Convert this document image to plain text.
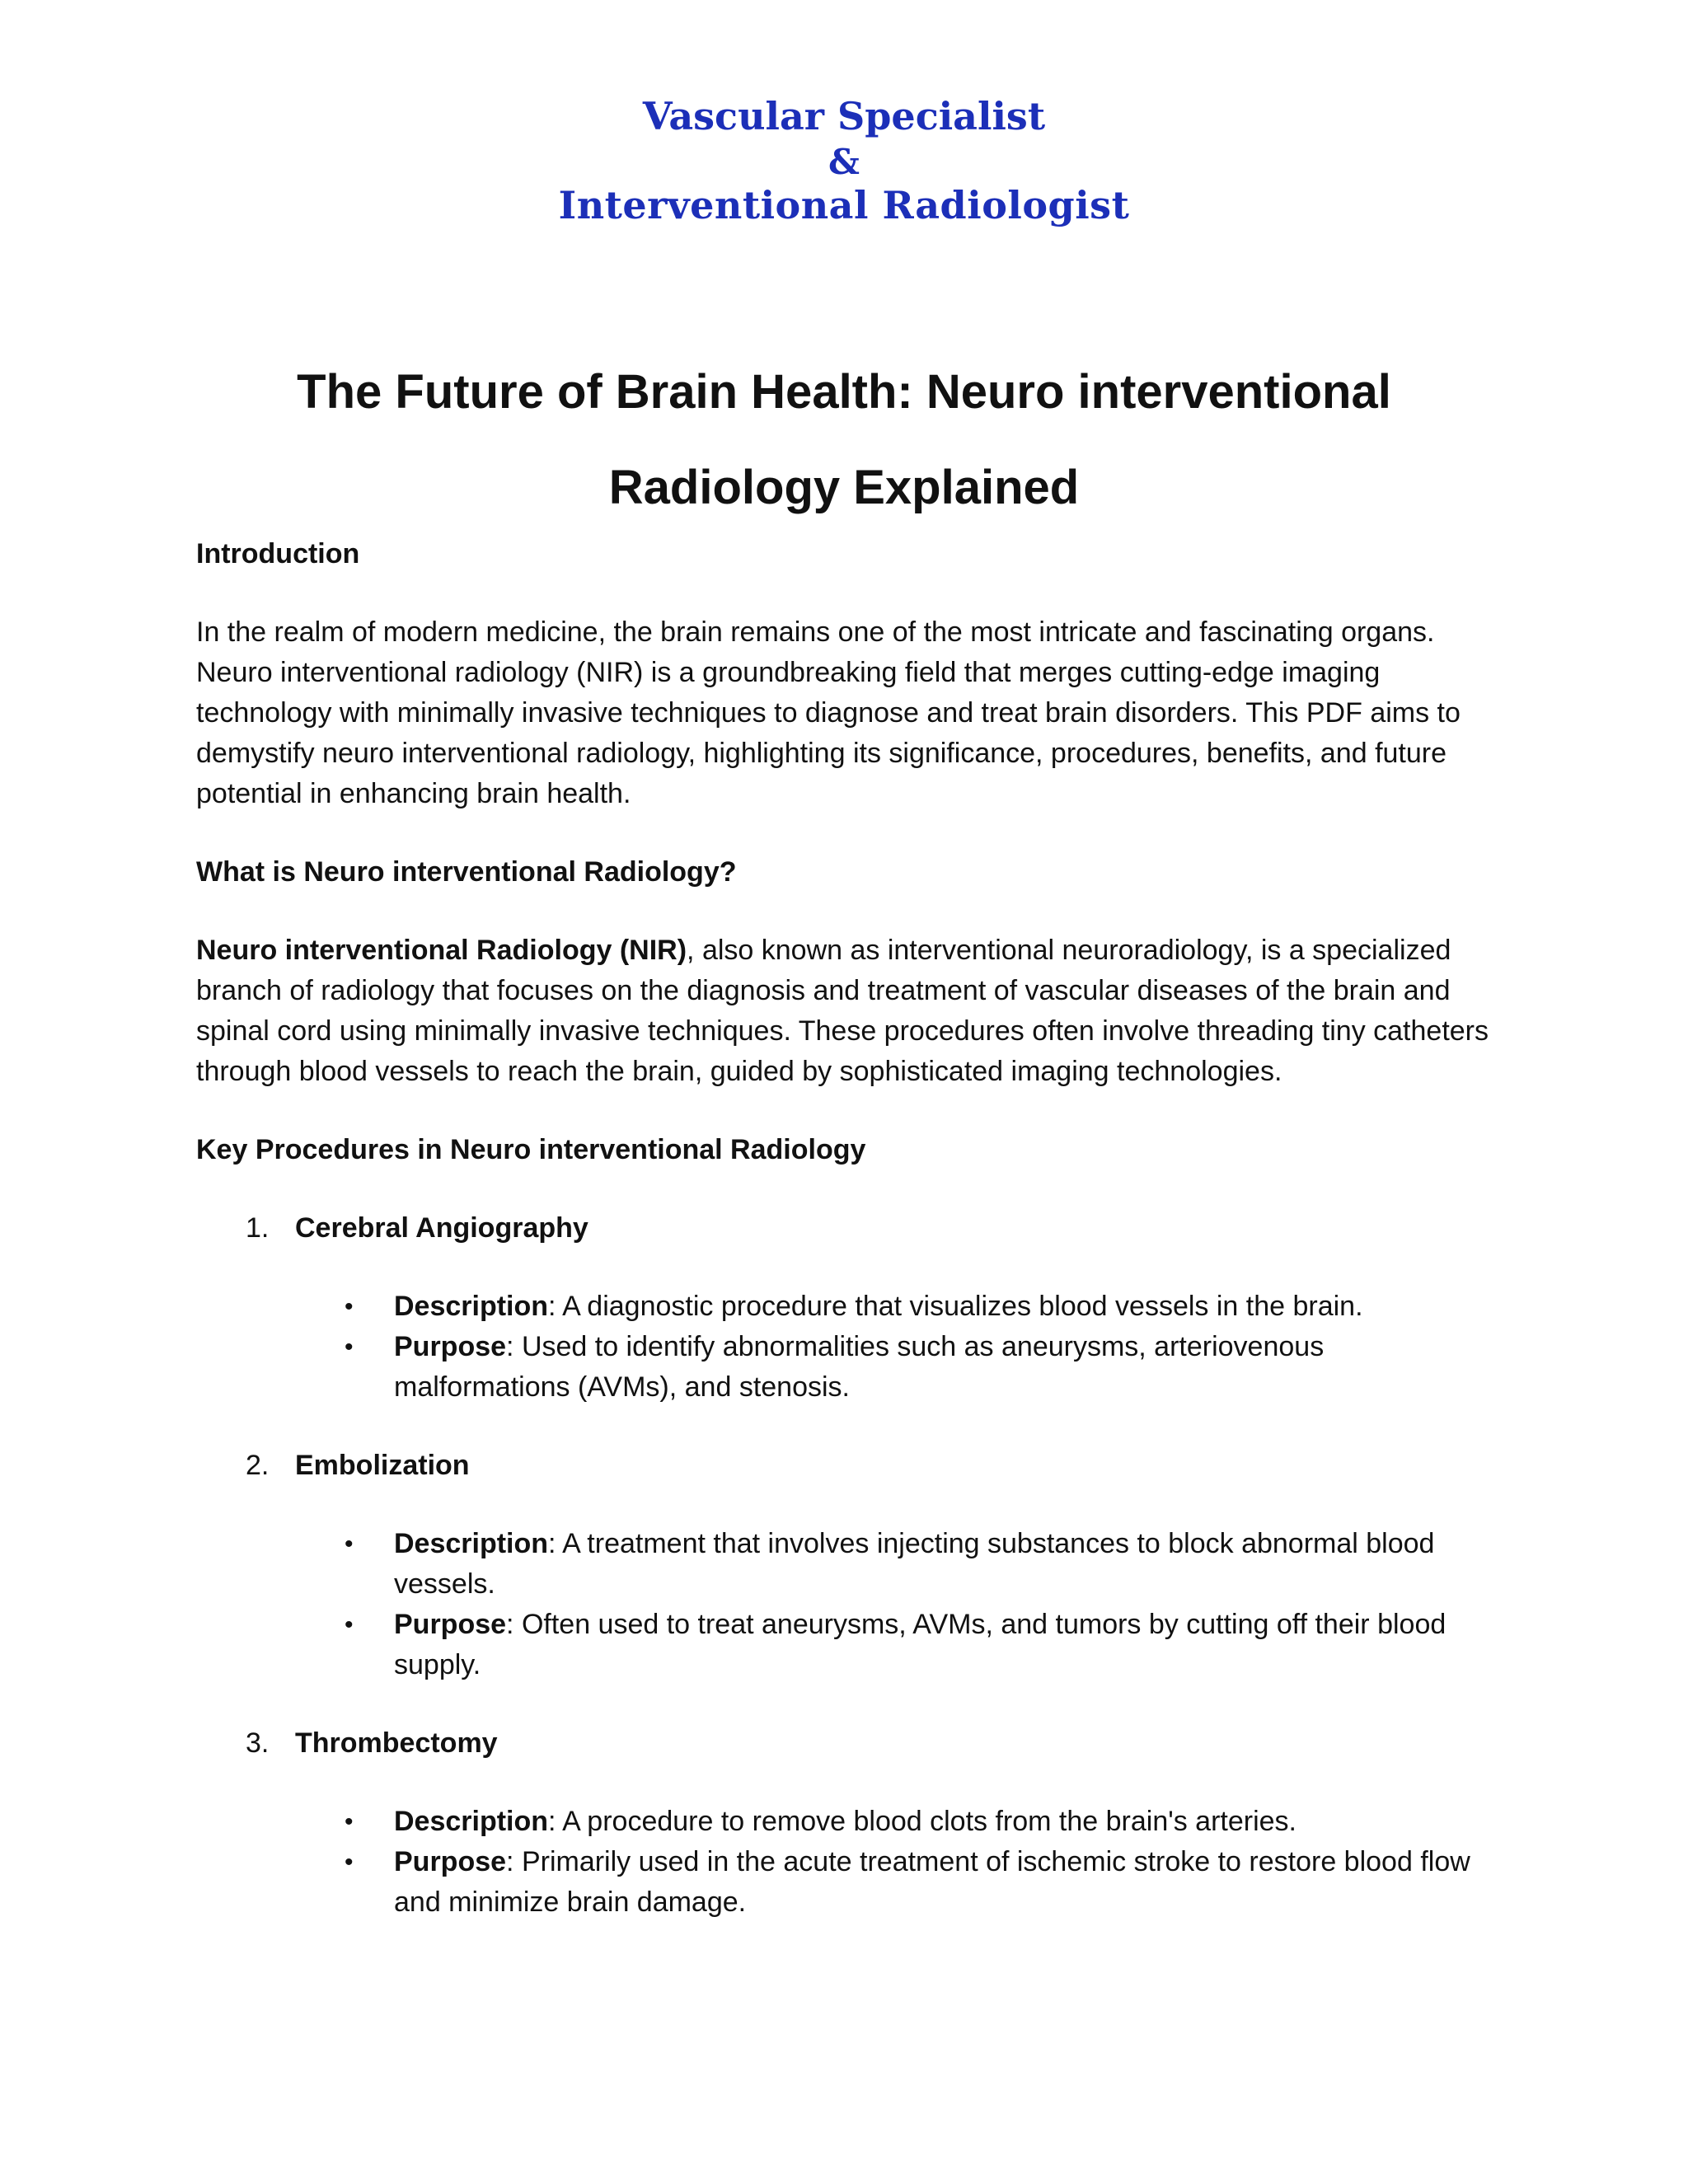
Vascular Specialist
&
Interventional Radiologist
The Future of Brain Health: Neuro interventional
Radiology Explained
Introduction

In the realm of modern medicine, the brain remains one of the most intricate and fascinating organs. Neuro interventional radiology (NIR) is a groundbreaking field that merges cutting-edge imaging technology with minimally invasive techniques to diagnose and treat brain disorders. This PDF aims to demystify neuro interventional radiology, highlighting its significance, procedures, benefits, and future potential in enhancing brain health.

What is Neuro interventional Radiology?

Neuro interventional Radiology (NIR), also known as interventional neuroradiology, is a specialized branch of radiology that focuses on the diagnosis and treatment of vascular diseases of the brain and spinal cord using minimally invasive techniques. These procedures often involve threading tiny catheters through blood vessels to reach the brain, guided by sophisticated imaging technologies.

Key Procedures in Neuro interventional Radiology
1. Cerebral Angiography
• Description: A diagnostic procedure that visualizes blood vessels in the brain.
• Purpose: Used to identify abnormalities such as aneurysms, arteriovenous malformations (AVMs), and stenosis.
2. Embolization
• Description: A treatment that involves injecting substances to block abnormal blood vessels.
• Purpose: Often used to treat aneurysms, AVMs, and tumors by cutting off their blood supply.
3. Thrombectomy
• Description: A procedure to remove blood clots from the brain's arteries.
• Purpose: Primarily used in the acute treatment of ischemic stroke to restore blood flow and minimize brain damage.
